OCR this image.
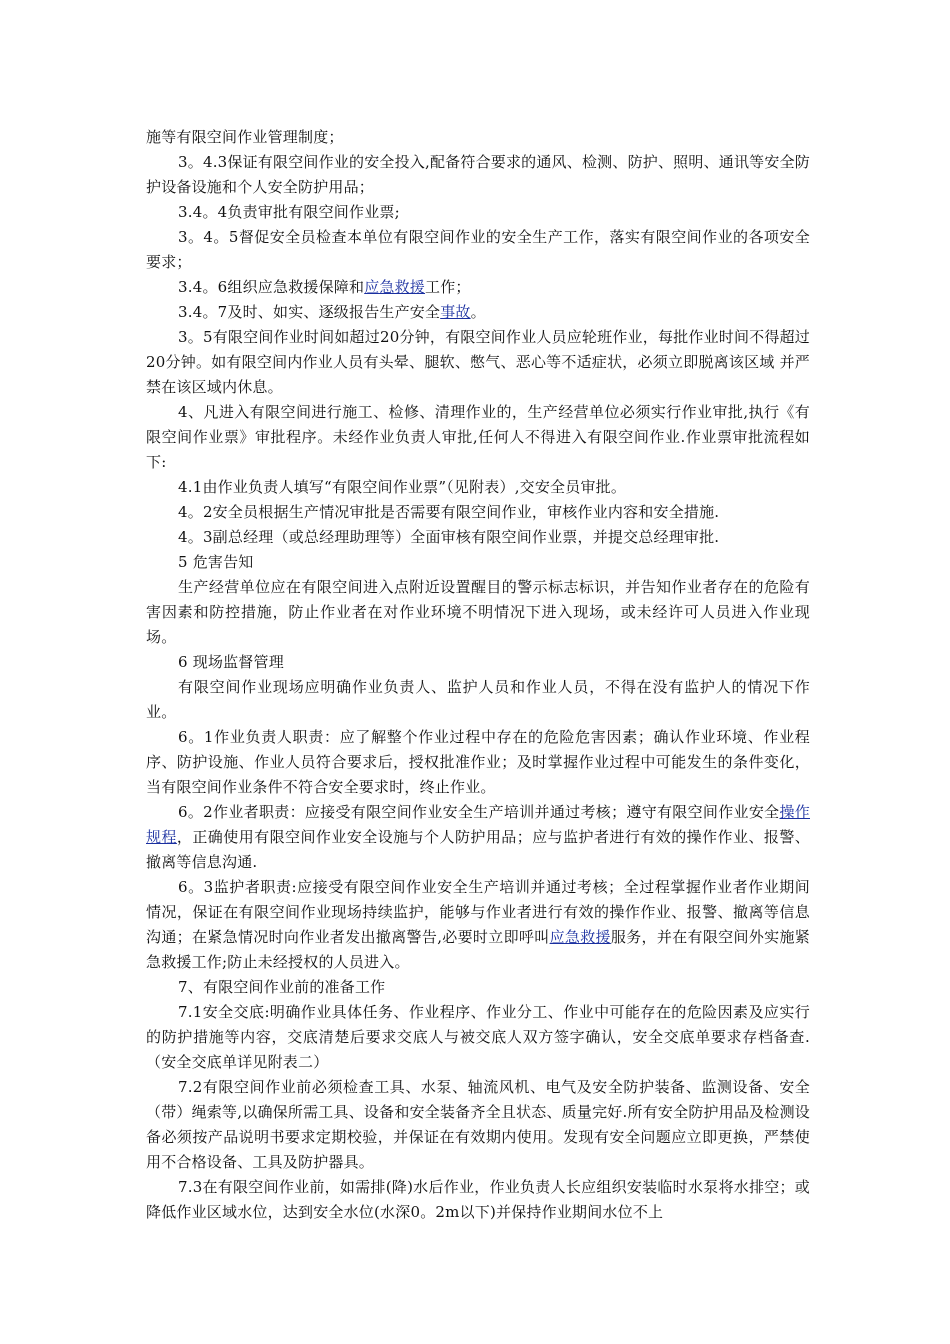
施等有限空间作业管理制度；

3。4.3保证有限空间作业的安全投入,配备符合要求的通风、检测、防护、照明、通讯等安全防护设备设施和个人安全防护用品；

3.4。4负责审批有限空间作业票;

3。4。5督促安全员检查本单位有限空间作业的安全生产工作，落实有限空间作业的各项安全要求；

3.4。6组织应急救援保障和应急救援工作；

3.4。7及时、如实、逐级报告生产安全事故。

3。5有限空间作业时间如超过20分钟，有限空间作业人员应轮班作业，每批作业时间不得超过20分钟。如有限空间内作业人员有头晕、腿软、憋气、恶心等不适症状，必须立即脱离该区域 并严禁在该区域内休息。

4、凡进入有限空间进行施工、检修、清理作业的，生产经营单位必须实行作业审批,执行《有限空间作业票》审批程序。未经作业负责人审批,任何人不得进入有限空间作业.作业票审批流程如下:

4.1由作业负责人填写“有限空间作业票”（见附表）,交安全员审批。

4。2安全员根据生产情况审批是否需要有限空间作业，审核作业内容和安全措施.

4。3副总经理（或总经理助理等）全面审核有限空间作业票，并提交总经理审批.

5 危害告知

生产经营单位应在有限空间进入点附近设置醒目的警示标志标识，并告知作业者存在的危险有害因素和防控措施，防止作业者在对作业环境不明情况下进入现场，或未经许可人员进入作业现场。

6 现场监督管理

有限空间作业现场应明确作业负责人、监护人员和作业人员，不得在没有监护人的情况下作业。

6。1作业负责人职责：应了解整个作业过程中存在的危险危害因素；确认作业环境、作业程序、防护设施、作业人员符合要求后，授权批准作业；及时掌握作业过程中可能发生的条件变化，当有限空间作业条件不符合安全要求时，终止作业。

6。2作业者职责：应接受有限空间作业安全生产培训并通过考核；遵守有限空间作业安全操作规程，正确使用有限空间作业安全设施与个人防护用品；应与监护者进行有效的操作作业、报警、撤离等信息沟通.

6。3监护者职责:应接受有限空间作业安全生产培训并通过考核；全过程掌握作业者作业期间情况，保证在有限空间作业现场持续监护，能够与作业者进行有效的操作作业、报警、撤离等信息沟通；在紧急情况时向作业者发出撤离警告,必要时立即呼叫应急救援服务，并在有限空间外实施紧急救援工作;防止未经授权的人员进入。

7、有限空间作业前的准备工作

7.1安全交底:明确作业具体任务、作业程序、作业分工、作业中可能存在的危险因素及应实行的防护措施等内容，交底清楚后要求交底人与被交底人双方签字确认，安全交底单要求存档备查.（安全交底单详见附表二）

7.2有限空间作业前必须检查工具、水泵、轴流风机、电气及安全防护装备、监测设备、安全（带）绳索等,以确保所需工具、设备和安全装备齐全且状态、质量完好.所有安全防护用品及检测设备必须按产品说明书要求定期校验，并保证在有效期内使用。发现有安全问题应立即更换，严禁使用不合格设备、工具及防护器具。

7.3在有限空间作业前，如需排(降)水后作业，作业负责人长应组织安装临时水泵将水排空；或降低作业区域水位，达到安全水位(水深0。2m以下)并保持作业期间水位不上
